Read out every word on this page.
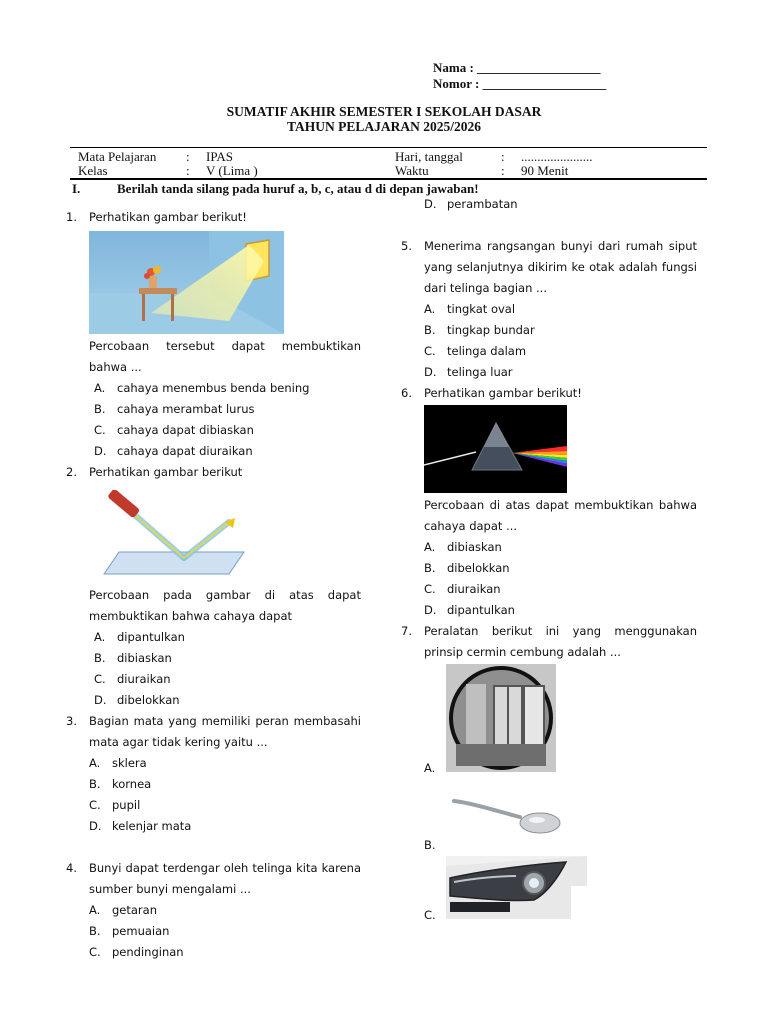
Nama : ___________________
Nomor : ___________________
SUMATIF AKHIR SEMESTER I SEKOLAH DASAR
TAHUN PELAJARAN 2025/2026
Mata Pelajaran : IPAS	Hari, tanggal	: ......................
Kelas	: V (Lima )	Waktu	: 90 Menit
I.	Berilah tanda silang pada huruf a, b, c, atau d di depan jawaban!
1. Perhatikan gambar berikut!
Percobaan tersebut dapat membuktikan bahwa ...
A. cahaya menembus benda bening
B. cahaya merambat lurus
C. cahaya dapat dibiaskan
D. cahaya dapat diuraikan
2. Perhatikan gambar berikut
Percobaan pada gambar di atas dapat membuktikan bahwa cahaya dapat
A. dipantulkan
B. dibiaskan
C. diuraikan
D. dibelokkan
3. Bagian mata yang memiliki peran membasahi mata agar tidak kering yaitu ...
A. sklera
B. kornea
C. pupil
D. kelenjar mata
4. Bunyi dapat terdengar oleh telinga kita karena sumber bunyi mengalami ...
A. getaran
B. pemuaian
C. pendinginan
D. perambatan
5. Menerima rangsangan bunyi dari rumah siput yang selanjutnya dikirim ke otak adalah fungsi dari telinga bagian ...
A. tingkat oval
B. tingkap bundar
C. telinga dalam
D. telinga luar
6. Perhatikan gambar berikut!
Percobaan di atas dapat membuktikan bahwa cahaya dapat ...
A. dibiaskan
B. dibelokkan
C. diuraikan
D. dipantulkan
7. Peralatan berikut ini yang menggunakan prinsip cermin cembung adalah ...
A.
B.
C.
